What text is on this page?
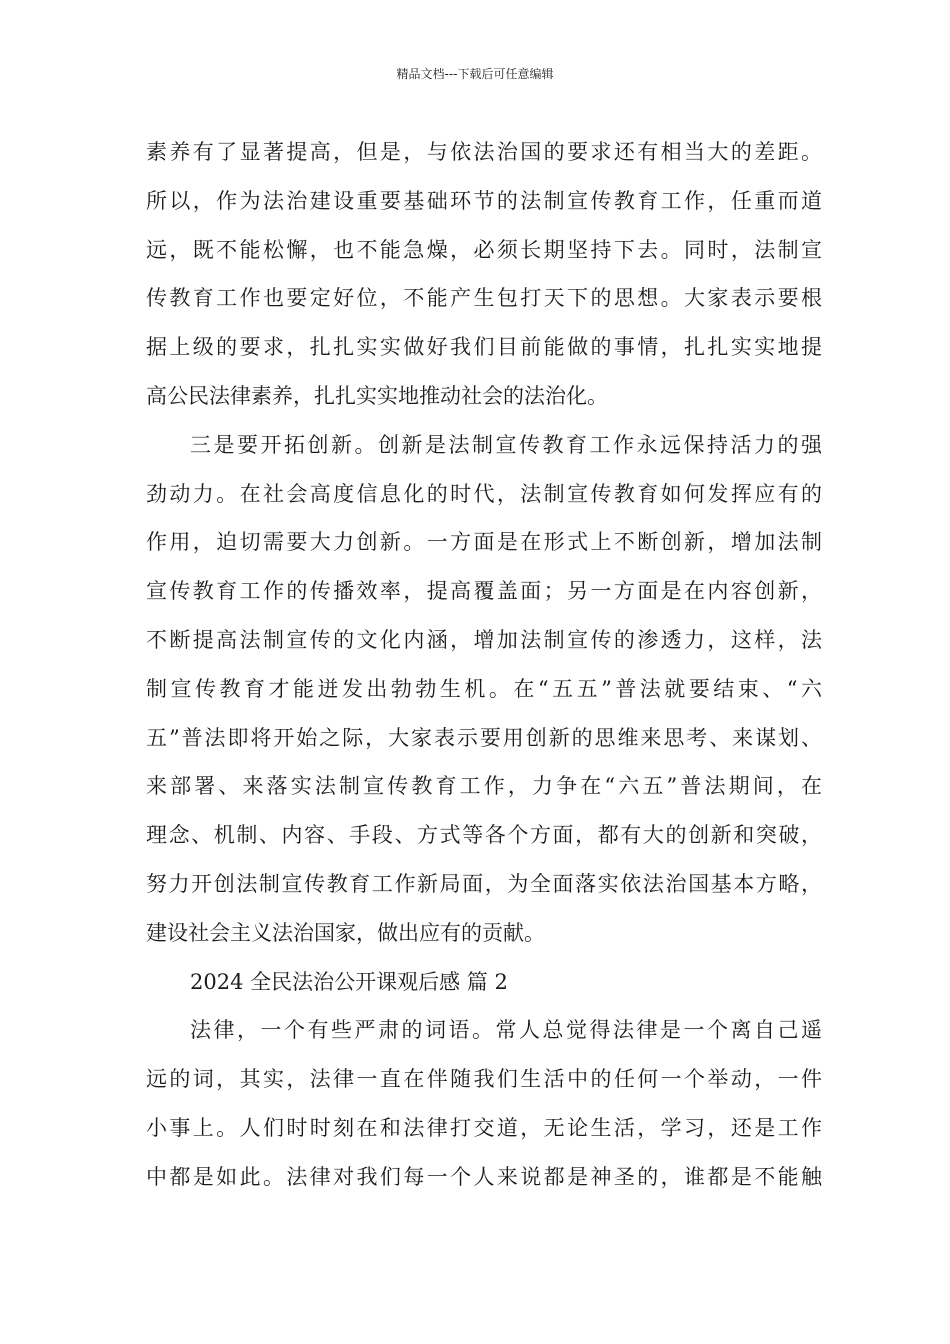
精品文档---下载后可任意编辑
素养有了显著提高，但是，与依法治国的要求还有相当大的差距。
所以，作为法治建设重要基础环节的法制宣传教育工作，任重而道
远，既不能松懈，也不能急燥，必须长期坚持下去。同时，法制宣
传教育工作也要定好位，不能产生包打天下的思想。大家表示要根
据上级的要求，扎扎实实做好我们目前能做的事情，扎扎实实地提
高公民法律素养，扎扎实实地推动社会的法治化。
三是要开拓创新。创新是法制宣传教育工作永远保持活力的强
劲动力。在社会高度信息化的时代，法制宣传教育如何发挥应有的
作用，迫切需要大力创新。一方面是在形式上不断创新，增加法制
宣传教育工作的传播效率，提高覆盖面；另一方面是在内容创新，
不断提高法制宣传的文化内涵，增加法制宣传的渗透力，这样，法
制宣传教育才能迸发出勃勃生机。在“五五”普法就要结束、“六
五”普法即将开始之际，大家表示要用创新的思维来思考、来谋划、
来部署、来落实法制宣传教育工作，力争在“六五”普法期间，在
理念、机制、内容、手段、方式等各个方面，都有大的创新和突破，
努力开创法制宣传教育工作新局面，为全面落实依法治国基本方略，
建设社会主义法治国家，做出应有的贡献。
2024 全民法治公开课观后感 篇 2
法律，一个有些严肃的词语。常人总觉得法律是一个离自己遥
远的词，其实，法律一直在伴随我们生活中的任何一个举动，一件
小事上。人们时时刻在和法律打交道，无论生活，学习，还是工作
中都是如此。法律对我们每一个人来说都是神圣的，谁都是不能触
